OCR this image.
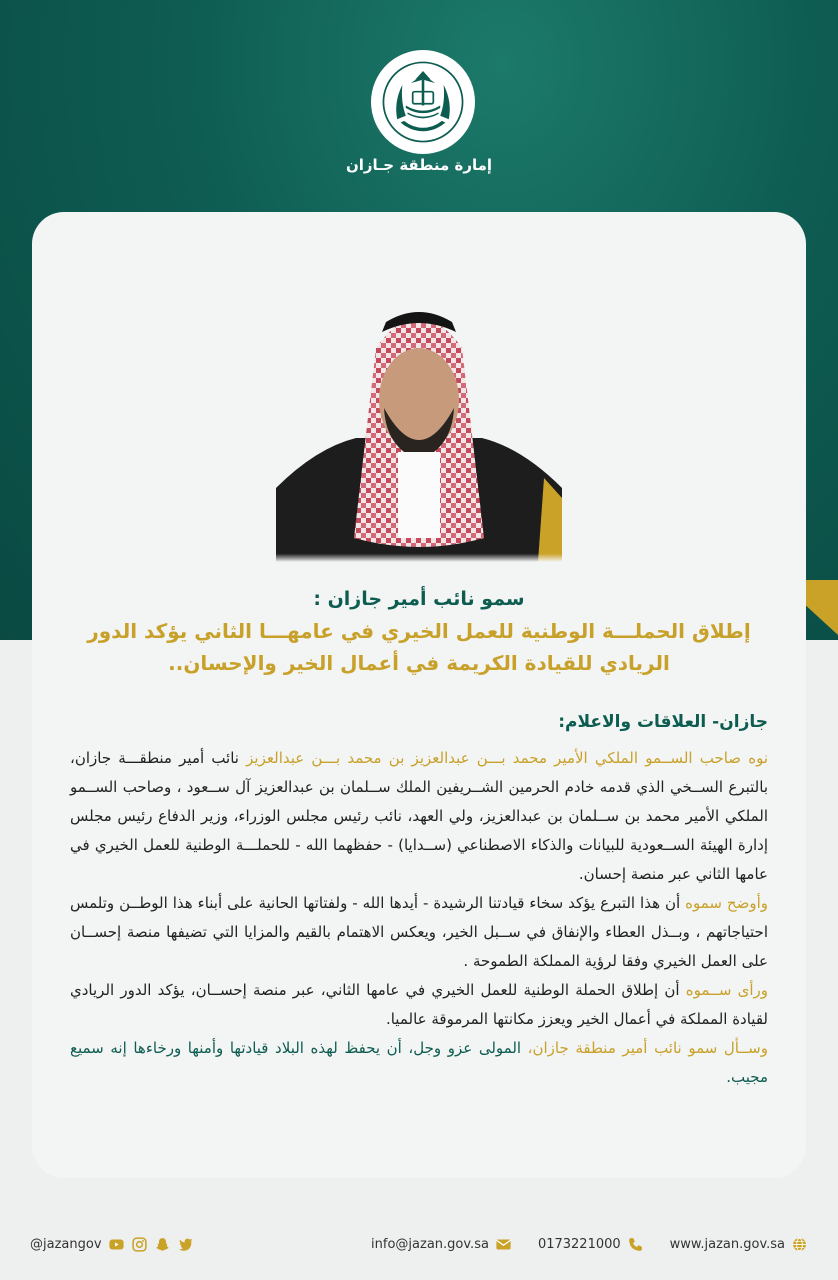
إمارة منطقة جـازان
سمو نائب أمير جازان :
إطلاق الحملـــة الوطنية للعمل الخيري في عامهـــا الثاني يؤكد الدور الريادي للقيادة الكريمة في أعمال الخير والإحسان..
جازان- العلاقات والاعلام:

نوه صاحب الســمو الملكي الأمير محمد بـــن عبدالعزيز بن محمد بـــن عبدالعزيز نائب أمير منطقـــة جازان، بالتبرع الســخي الذي قدمه خادم الحرمين الشــريفين الملك ســلمان بن عبدالعزيز آل ســعود ، وصاحب الســمو الملكي الأمير محمد بن ســلمان بن عبدالعزيز، ولي العهد، نائب رئيس مجلس الوزراء، وزير الدفاع رئيس مجلس إدارة الهيئة الســعودية للبيانات والذكاء الاصطناعي (ســدايا) - حفظهما الله - للحملـــة الوطنية للعمل الخيري في عامها الثاني عبر منصة إحسان.

وأوضح سموه أن هذا التبرع يؤكد سخاء قيادتنا الرشيدة - أيدها الله - ولفتاتها الحانية على أبناء هذا الوطــن وتلمس احتياجاتهم ، وبــذل العطاء والإنفاق في ســبل الخير، ويعكس الاهتمام بالقيم والمزايا التي تضيفها منصة إحســان على العمل الخيري وفقا لرؤية المملكة الطموحة .

ورأى ســموه أن إطلاق الحملة الوطنية للعمل الخيري في عامها الثاني، عبر منصة إحســان، يؤكد الدور الريادي لقيادة المملكة في أعمال الخير ويعزز مكانتها المرموقة عالميا.

وســأل سمو نائب أمير منطقة جازان، المولى عزو وجل، أن يحفظ لهذه البلاد قيادتها وأمنها ورخاءها إنه سميع مجيب.

@jazangov	info@jazan.gov.sa	0173221000	www.jazan.gov.sa
